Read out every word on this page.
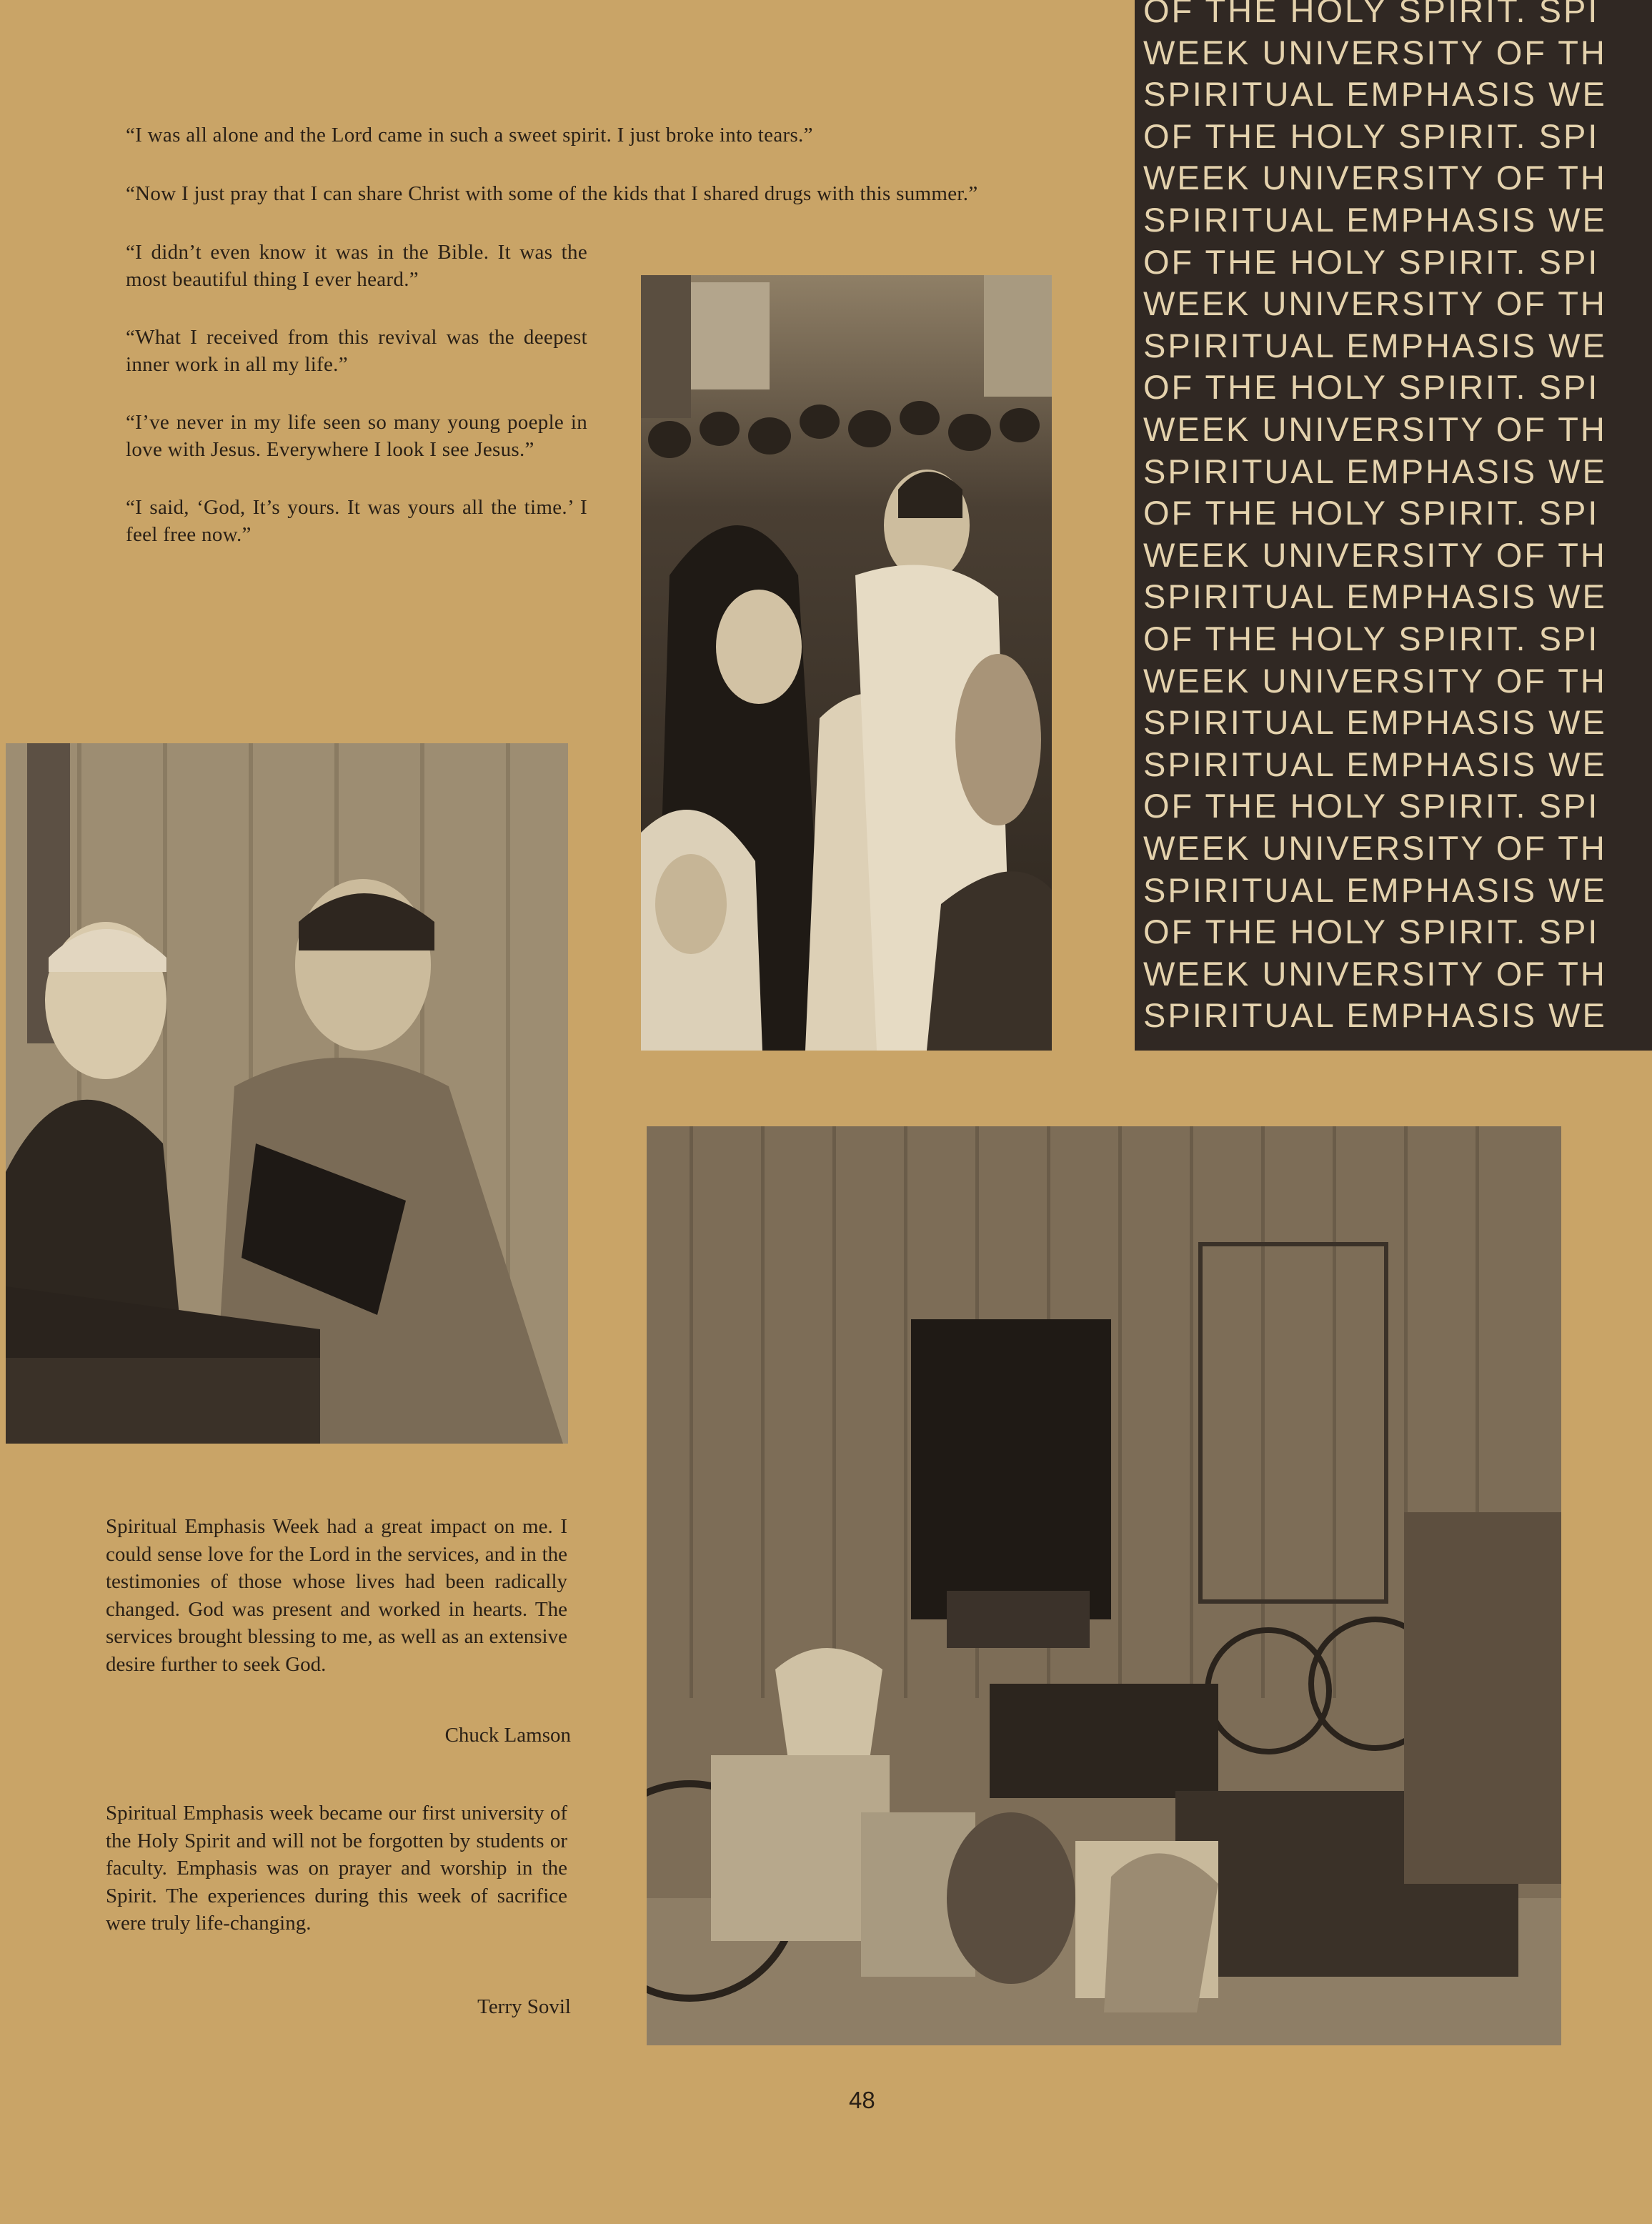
“I was all alone and the Lord came in such a sweet spirit. I just broke into tears.”

“Now I just pray that I can share Christ with some of the kids that I shared drugs with this summer.”

“I didn’t even know it was in the Bible. It was the most beautiful thing I ever heard.”

“What I received from this revival was the deepest inner work in all my life.”

“I’ve never in my life seen so many young poeple in love with Jesus. Everywhere I look I see Jesus.”

“I said, ‘God, It’s yours. It was yours all the time.’ I feel free now.”

OF THE HOLY SPIRIT. SPI
WEEK UNIVERSITY OF TH
SPIRITUAL EMPHASIS WE
OF THE HOLY SPIRIT. SPI
WEEK UNIVERSITY OF TH
SPIRITUAL EMPHASIS WE
OF THE HOLY SPIRIT. SPI
WEEK UNIVERSITY OF TH
SPIRITUAL EMPHASIS WE
OF THE HOLY SPIRIT. SPI
WEEK UNIVERSITY OF TH
SPIRITUAL EMPHASIS WE
OF THE HOLY SPIRIT. SPI
WEEK UNIVERSITY OF TH
SPIRITUAL EMPHASIS WE
OF THE HOLY SPIRIT. SPI
WEEK UNIVERSITY OF TH
SPIRITUAL EMPHASIS WE
SPIRITUAL EMPHASIS WE
OF THE HOLY SPIRIT. SPI
WEEK UNIVERSITY OF TH
SPIRITUAL EMPHASIS WE
OF THE HOLY SPIRIT. SPI
WEEK UNIVERSITY OF TH
SPIRITUAL EMPHASIS WE

Spiritual Emphasis Week had a great impact on me. I could sense love for the Lord in the services, and in the testimonies of those whose lives had been radically changed. God was present and worked in hearts. The services brought blessing to me, as well as an extensive desire further to seek God.

Chuck Lamson

Spiritual Emphasis week became our first university of the Holy Spirit and will not be forgotten by students or faculty. Emphasis was on prayer and worship in the Spirit. The experiences during this week of sacrifice were truly life-changing.

Terry Sovil
48
